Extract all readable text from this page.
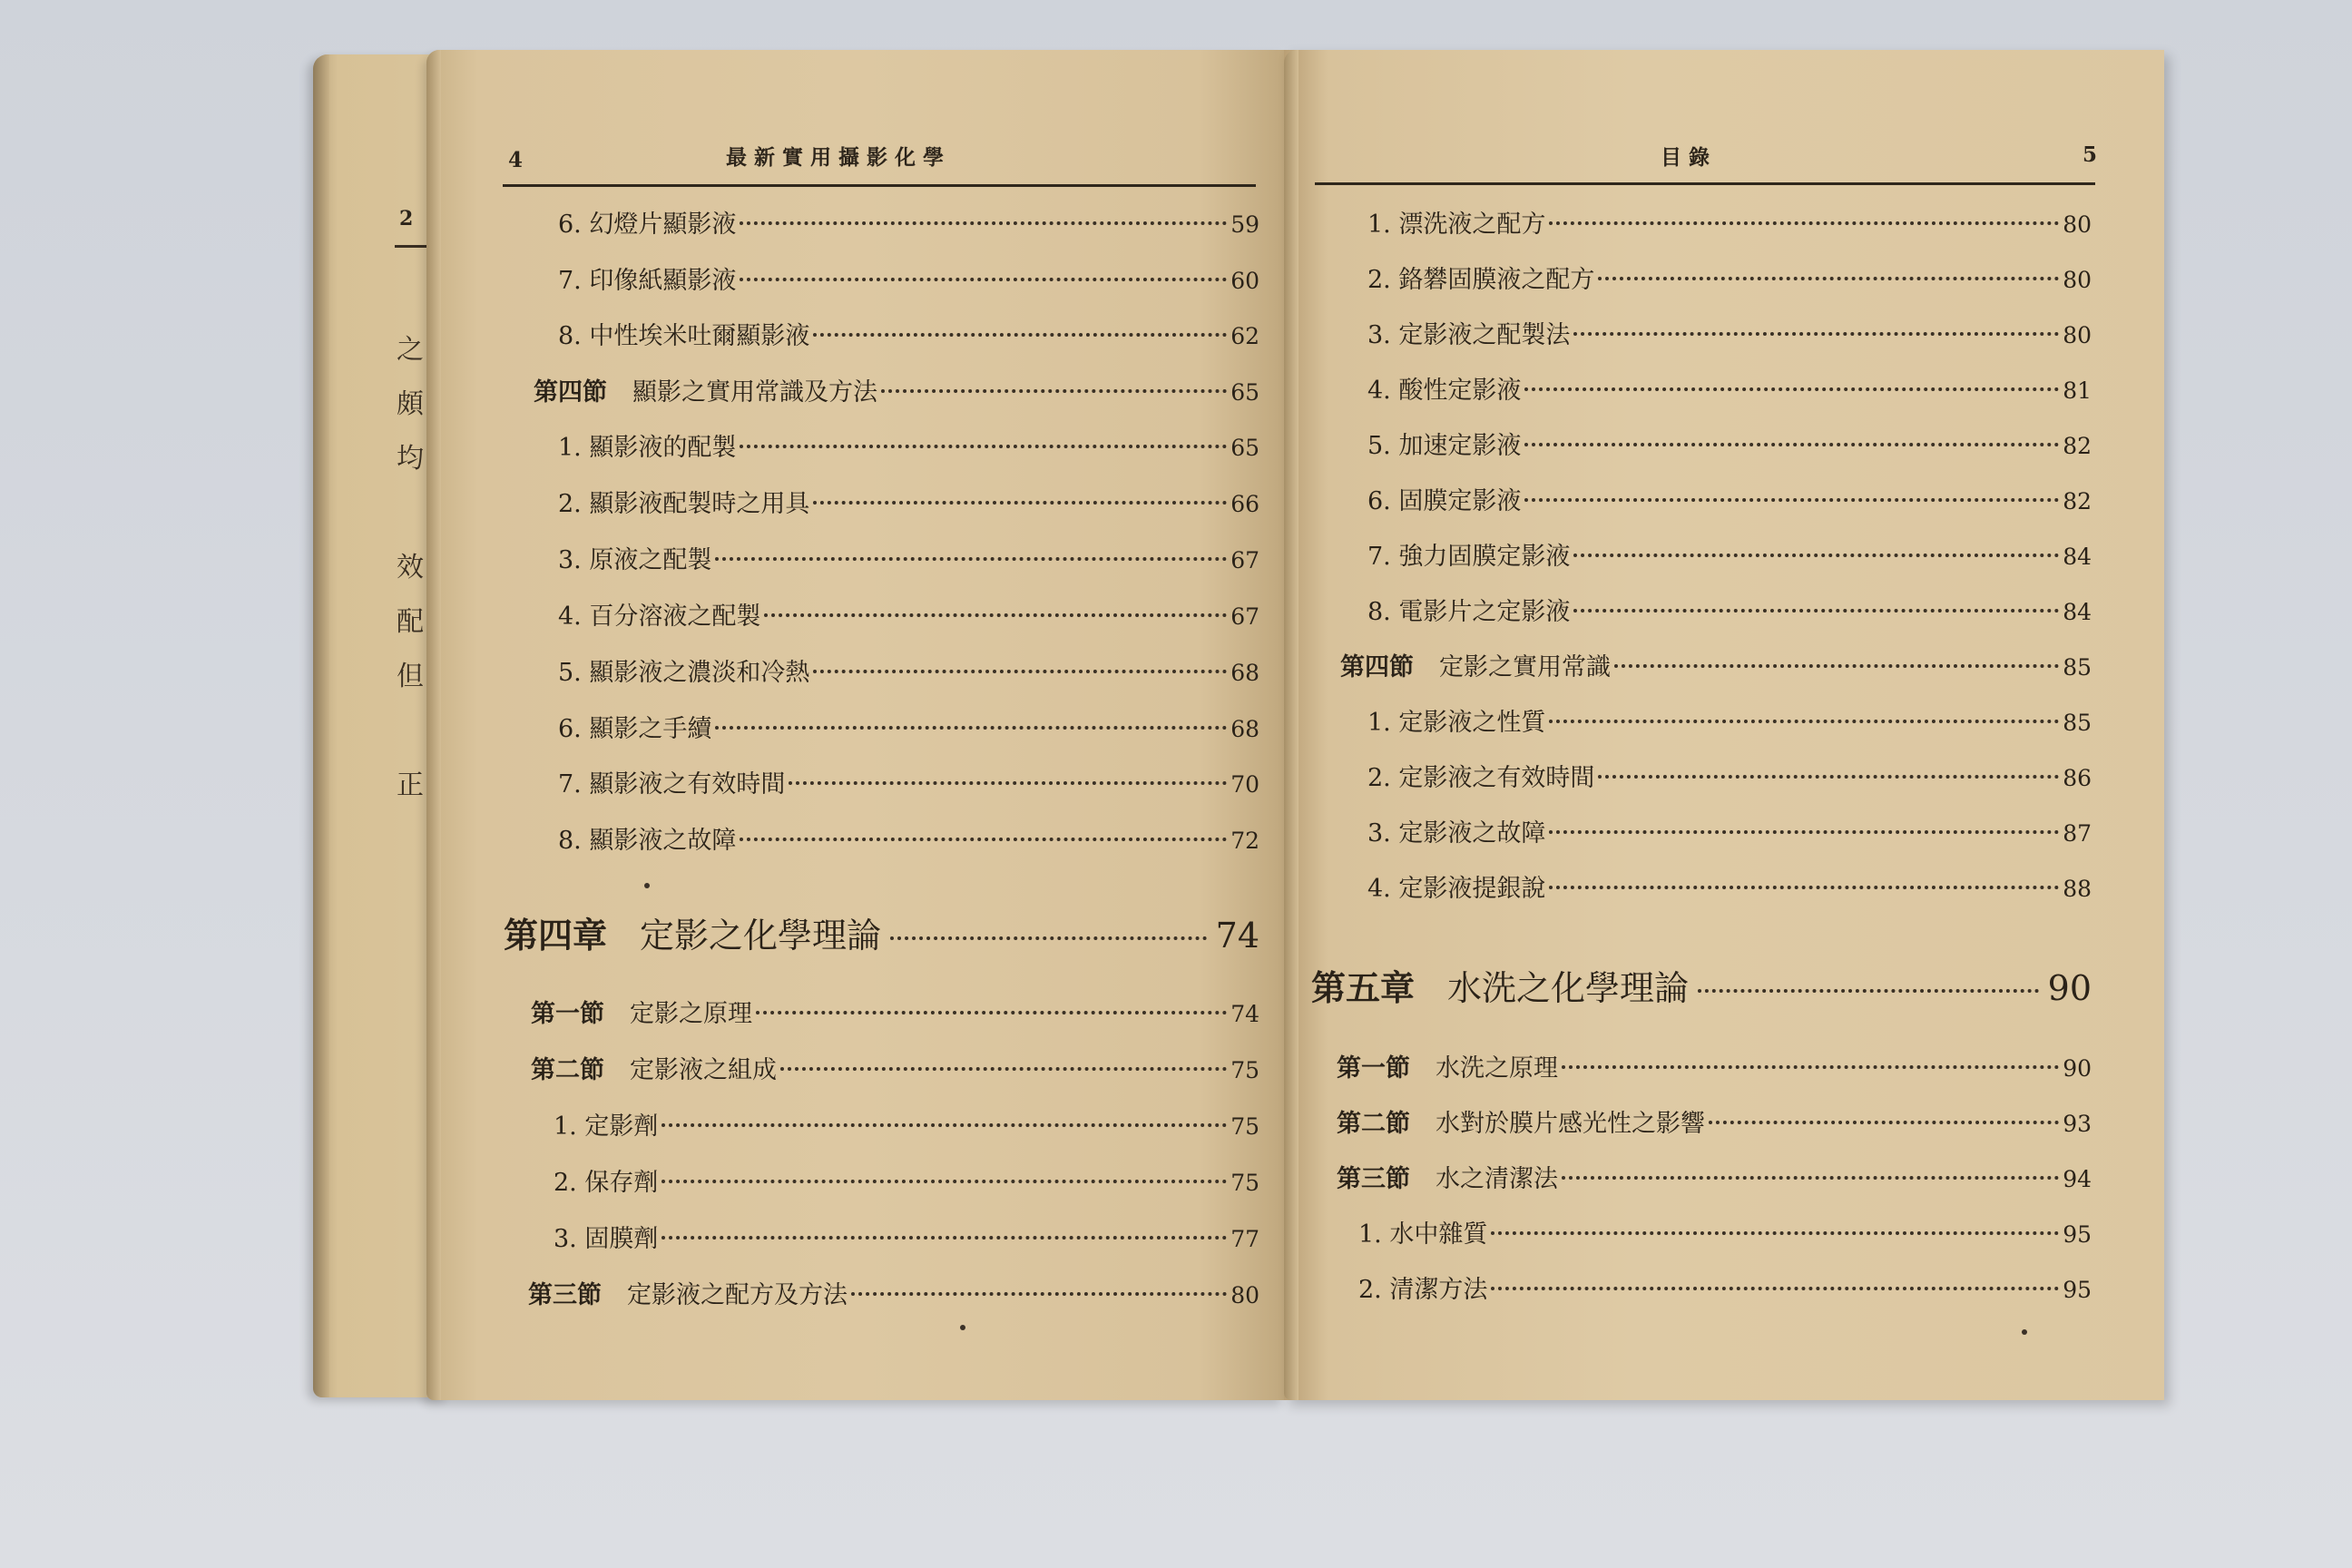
2
之
頗
均
效
配
但
正
4	最新實用攝影化學
6. 幻燈片顯影液	59
7. 印像紙顯影液	60
8. 中性埃米吐爾顯影液	62
第四節 顯影之實用常識及方法	65
1. 顯影液的配製	65
2. 顯影液配製時之用具	66
3. 原液之配製	67
4. 百分溶液之配製	67
5. 顯影液之濃淡和冷熱	68
6. 顯影之手續	68
7. 顯影液之有效時間	70
8. 顯影液之故障	72
第四章 定影之化學理論	74
第一節 定影之原理	74
第二節 定影液之組成	75
1. 定影劑	75
2. 保存劑	75
3. 固膜劑	77
第三節 定影液之配方及方法	80
目錄	5
1. 漂洗液之配方	80
2. 鉻礬固膜液之配方	80
3. 定影液之配製法	80
4. 酸性定影液	81
5. 加速定影液	82
6. 固膜定影液	82
7. 強力固膜定影液	84
8. 電影片之定影液	84
第四節 定影之實用常識	85
1. 定影液之性質	85
2. 定影液之有效時間	86
3. 定影液之故障	87
4. 定影液提銀說	88
第五章 水洗之化學理論	90
第一節 水洗之原理	90
第二節 水對於膜片感光性之影響	93
第三節 水之清潔法	94
1. 水中雜質	95
2. 清潔方法	95
